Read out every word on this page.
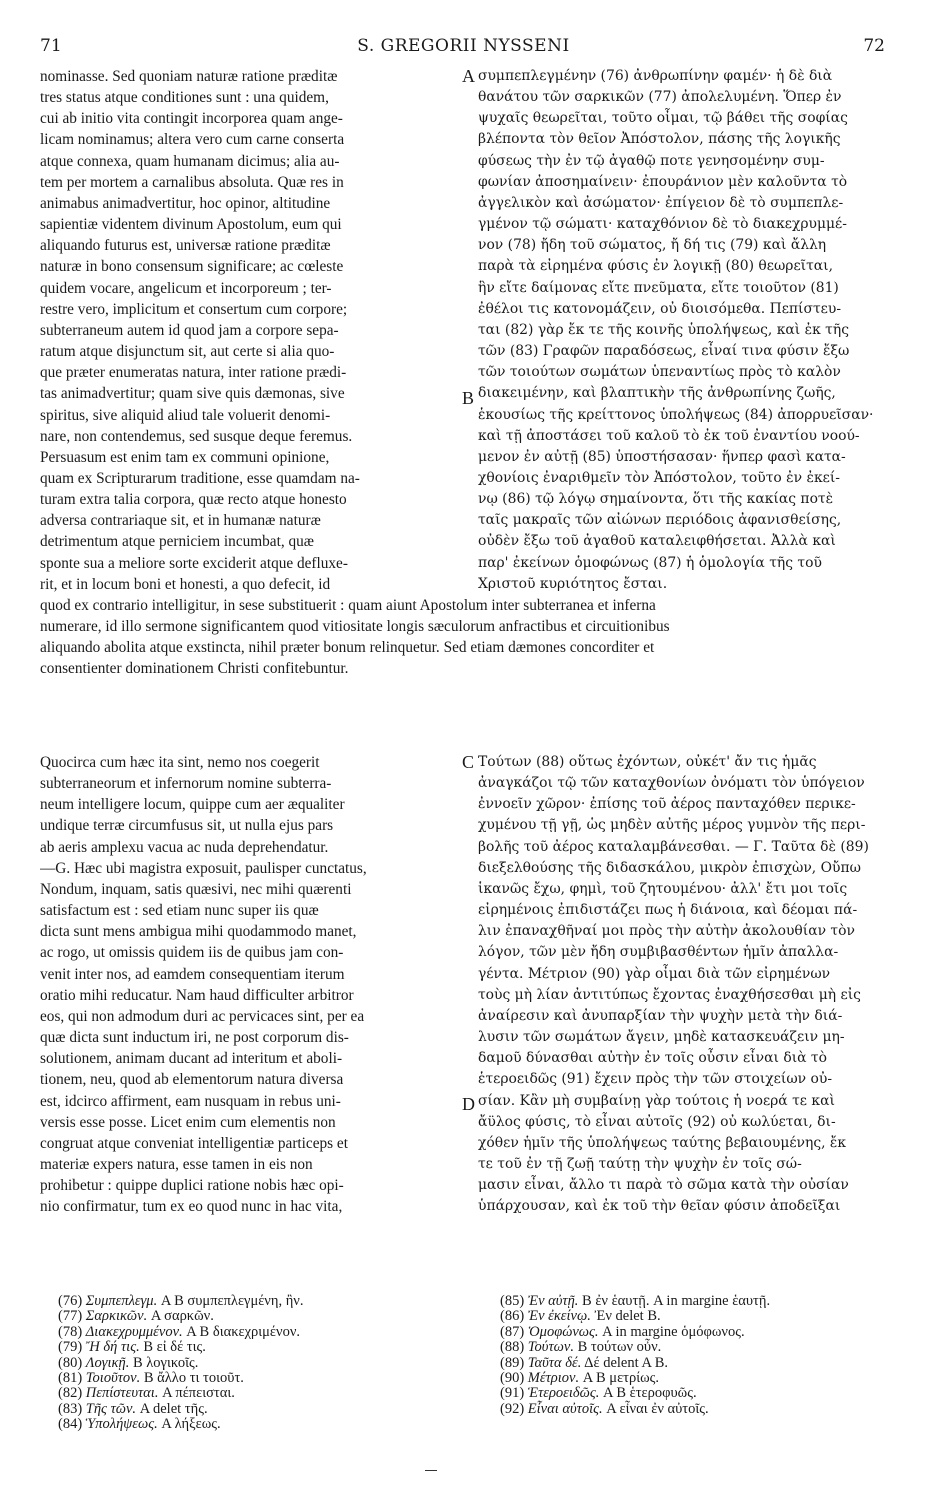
71	S. GREGORII NYSSENI	72
nominasse. Sed quoniam naturæ ratione præditæ
tres status atque conditiones sunt : una quidem,
cui ab initio vita contingit incorporea quam ange-
licam nominamus; altera vero cum carne conserta
atque connexa, quam humanam dicimus; alia au-
tem per mortem a carnalibus absoluta. Quæ res in
animabus animadvertitur, hoc opinor, altitudine
sapientiæ videntem divinum Apostolum, eum qui
aliquando futurus est, universæ ratione præditæ
naturæ in bono consensum significare; ac cœleste
quidem vocare, angelicum et incorporeum ; ter-
restre vero, implicitum et consertum cum corpore;
subterraneum autem id quod jam a corpore sepa-
ratum atque disjunctum sit, aut certe si alia quo-
que præter enumeratas natura, inter ratione prædi-
tas animadvertitur; quam sive quis dæmonas, sive
spiritus, sive aliquid aliud tale voluerit denomi-
nare, non contendemus, sed susque deque feremus.
Persuasum est enim tam ex communi opinione,
quam ex Scripturarum traditione, esse quamdam na-
turam extra talia corpora, quæ recto atque honesto
adversa contrariaque sit, et in humanæ naturæ
detrimentum atque perniciem incumbat, quæ
sponte sua a meliore sorte exciderit atque defluxe-
rit, et in locum boni et honesti, a quo defecit, id
συμπεπλεγμένην (76) ἀνθρωπίνην φαμέν· ἡ δὲ διὰ
θανάτου τῶν σαρκικῶν (77) ἀπολελυμένη. Ὅπερ ἐν
ψυχαῖς θεωρεῖται, τοῦτο οἶμαι, τῷ βάθει τῆς σοφίας
βλέποντα τὸν θεῖον Ἀπόστολον, πάσης τῆς λογικῆς
φύσεως τὴν ἐν τῷ ἀγαθῷ ποτε γενησομένην συμ-
φωνίαν ἀποσημαίνειν· ἐπουράνιον μὲν καλοῦντα τὸ
ἀγγελικὸν καὶ ἀσώματον· ἐπίγειον δὲ τὸ συμπεπλε-
γμένον τῷ σώματι· καταχθόνιον δὲ τὸ διακεχρυμμέ-
νον (78) ἤδη τοῦ σώματος, ἤ δή τις (79) καὶ ἄλλη
παρὰ τὰ εἰρημένα φύσις ἐν λογικῇ (80) θεωρεῖται,
ἣν εἴτε δαίμονας εἴτε πνεῦματα, εἴτε τοιοῦτον (81)
ἐθέλοι τις κατονομάζειν, οὐ διοισόμεθα. Πεπίστευ-
ται (82) γὰρ ἔκ τε τῆς κοινῆς ὑπολήψεως, καὶ ἐκ τῆς
τῶν (83) Γραφῶν παραδόσεως, εἶναί τινα φύσιν ἔξω
τῶν τοιούτων σωμάτων ὑπεναντίως πρὸς τὸ καλὸν
διακειμένην, καὶ βλαπτικὴν τῆς ἀνθρωπίνης ζωῆς,
ἑκουσίως τῆς κρείττονος ὑπολήψεως (84) ἀπορρυεῖσαν·
καὶ τῇ ἀποστάσει τοῦ καλοῦ τὸ ἐκ τοῦ ἐναντίου νοού-
μενον ἐν αὐτῇ (85) ὑποστήσασαν· ἥνπερ φασὶ κατα-
χθονίοις ἐναριθμεῖν τὸν Ἀπόστολον, τοῦτο ἐν ἐκεί-
νῳ (86) τῷ λόγῳ σημαίνοντα, ὅτι τῆς κακίας ποτὲ
ταῖς μακραῖς τῶν αἰώνων περιόδοις ἀφανισθείσης,
οὐδὲν ἔξω τοῦ ἀγαθοῦ καταλειφθήσεται. Ἀλλὰ καὶ
παρ' ἐκείνων ὁμοφώνως (87) ἡ ὁμολογία τῆς τοῦ
Χριστοῦ κυριότητος ἔσται.
A
B
C
D
quod ex contrario intelligitur, in sese substituerit : quam aiunt Apostolum inter subterranea et inferna
numerare, id illo sermone significantem quod vitiositate longis sæculorum anfractibus et circuitionibus
aliquando abolita atque exstincta, nihil præter bonum relinquetur. Sed etiam dæmones concorditer et
consentienter dominationem Christi confitebuntur.
Quocirca cum hæc ita sint, nemo nos coegerit
subterraneorum et infernorum nomine subterra-
neum intelligere locum, quippe cum aer æqualiter
undique terræ circumfusus sit, ut nulla ejus pars
ab aeris amplexu vacua ac nuda deprehendatur.
—G. Hæc ubi magistra exposuit, paulisper cunctatus,
Nondum, inquam, satis quæsivi, nec mihi quærenti
satisfactum est : sed etiam nunc super iis quæ
dicta sunt mens ambigua mihi quodammodo manet,
ac rogo, ut omissis quidem iis de quibus jam con-
venit inter nos, ad eamdem consequentiam iterum
oratio mihi reducatur. Nam haud difficulter arbitror
eos, qui non admodum duri ac pervicaces sint, per ea
quæ dicta sunt inductum iri, ne post corporum dis-
solutionem, animam ducant ad interitum et aboli-
tionem, neu, quod ab elementorum natura diversa
est, idcirco affirment, eam nusquam in rebus uni-
versis esse posse. Licet enim cum elementis non
congruat atque conveniat intelligentiæ particeps et
materiæ expers natura, esse tamen in eis non
prohibetur : quippe duplici ratione nobis hæc opi-
nio confirmatur, tum ex eo quod nunc in hac vita,
Τούτων (88) οὕτως ἐχόντων, οὐκέτ' ἄν τις ἡμᾶς
ἀναγκάζοι τῷ τῶν καταχθονίων ὀνόματι τὸν ὑπόγειον
ἐννοεῖν χῶρον· ἐπίσης τοῦ ἀέρος πανταχόθεν περικε-
χυμένου τῇ γῇ, ὡς μηδὲν αὐτῆς μέρος γυμνὸν τῆς περι-
βολῆς τοῦ ἀέρος καταλαμβάνεσθαι. — Γ. Ταῦτα δὲ (89)
διεξελθούσης τῆς διδασκάλου, μικρὸν ἐπισχὼν, Οὔπω
ἱκανῶς ἔχω, φημὶ, τοῦ ζητουμένου· ἀλλ' ἔτι μοι τοῖς
εἰρημένοις ἐπιδιστάζει πως ἡ διάνοια, καὶ δέομαι πά-
λιν ἐπαναχθῆναί μοι πρὸς τὴν αὐτὴν ἀκολουθίαν τὸν
λόγον, τῶν μὲν ἤδη συμβιβασθέντων ἡμῖν ἀπαλλα-
γέντα. Μέτριον (90) γὰρ οἶμαι διὰ τῶν εἰρημένων
τοὺς μὴ λίαν ἀντιτύπως ἔχοντας ἐναχθήσεσθαι μὴ εἰς
ἀναίρεσιν καὶ ἀνυπαρξίαν τὴν ψυχὴν μετὰ τὴν διά-
λυσιν τῶν σωμάτων ἄγειν, μηδὲ κατασκευάζειν μη-
δαμοῦ δύνασθαι αὐτὴν ἐν τοῖς οὖσιν εἶναι διὰ τὸ
ἑτεροειδῶς (91) ἔχειν πρὸς τὴν τῶν στοιχείων οὐ-
σίαν. Κἂν μὴ συμβαίνῃ γὰρ τούτοις ἡ νοερά τε καὶ
ἄϋλος φύσις, τὸ εἶναι αὐτοῖς (92) οὐ κωλύεται, δι-
χόθεν ἡμῖν τῆς ὑπολήψεως ταύτης βεβαιουμένης, ἔκ
τε τοῦ ἐν τῇ ζωῇ ταύτῃ τὴν ψυχὴν ἐν τοῖς σώ-
μασιν εἶναι, ἄλλο τι παρὰ τὸ σῶμα κατὰ τὴν οὐσίαν
ὑπάρχουσαν, καὶ ἐκ τοῦ τὴν θεῖαν φύσιν ἀποδεῖξαι
(76) Συμπεπλεγμ. A B συμπεπλεγμένη, ἢν.
(77) Σαρκικῶν. A σαρκῶν.
(78) Διακεχρυμμένον. A B διακεχριμένον.
(79) Ἤ δή τις. B εἰ δέ τις.
(80) Λογικῇ. B λογικοῖς.
(81) Τοιοῦτον. B ἄλλο τι τοιοῦτ.
(82) Πεπίστευται. A πέπεισται.
(83) Τῆς τῶν. A delet τῆς.
(84) Ὑπολήψεως. A λήξεως.
(85) Ἐν αὐτῇ. B ἐν ἑαυτῇ. A in margine ἑαυτῇ.
(86) Ἐν ἐκείνῳ. Ἐν delet B.
(87) Ὁμοφώνως. A in margine ὁμόφωνος.
(88) Τούτων. B τούτων οὖν.
(89) Ταῦτα δέ. Δέ delent A B.
(90) Μέτριον. A B μετρίως.
(91) Ἑτεροειδῶς. A B ἑτεροφυῶς.
(92) Εἶναι αὐτοῖς. A εἶναι ἐν αὐτοῖς.
